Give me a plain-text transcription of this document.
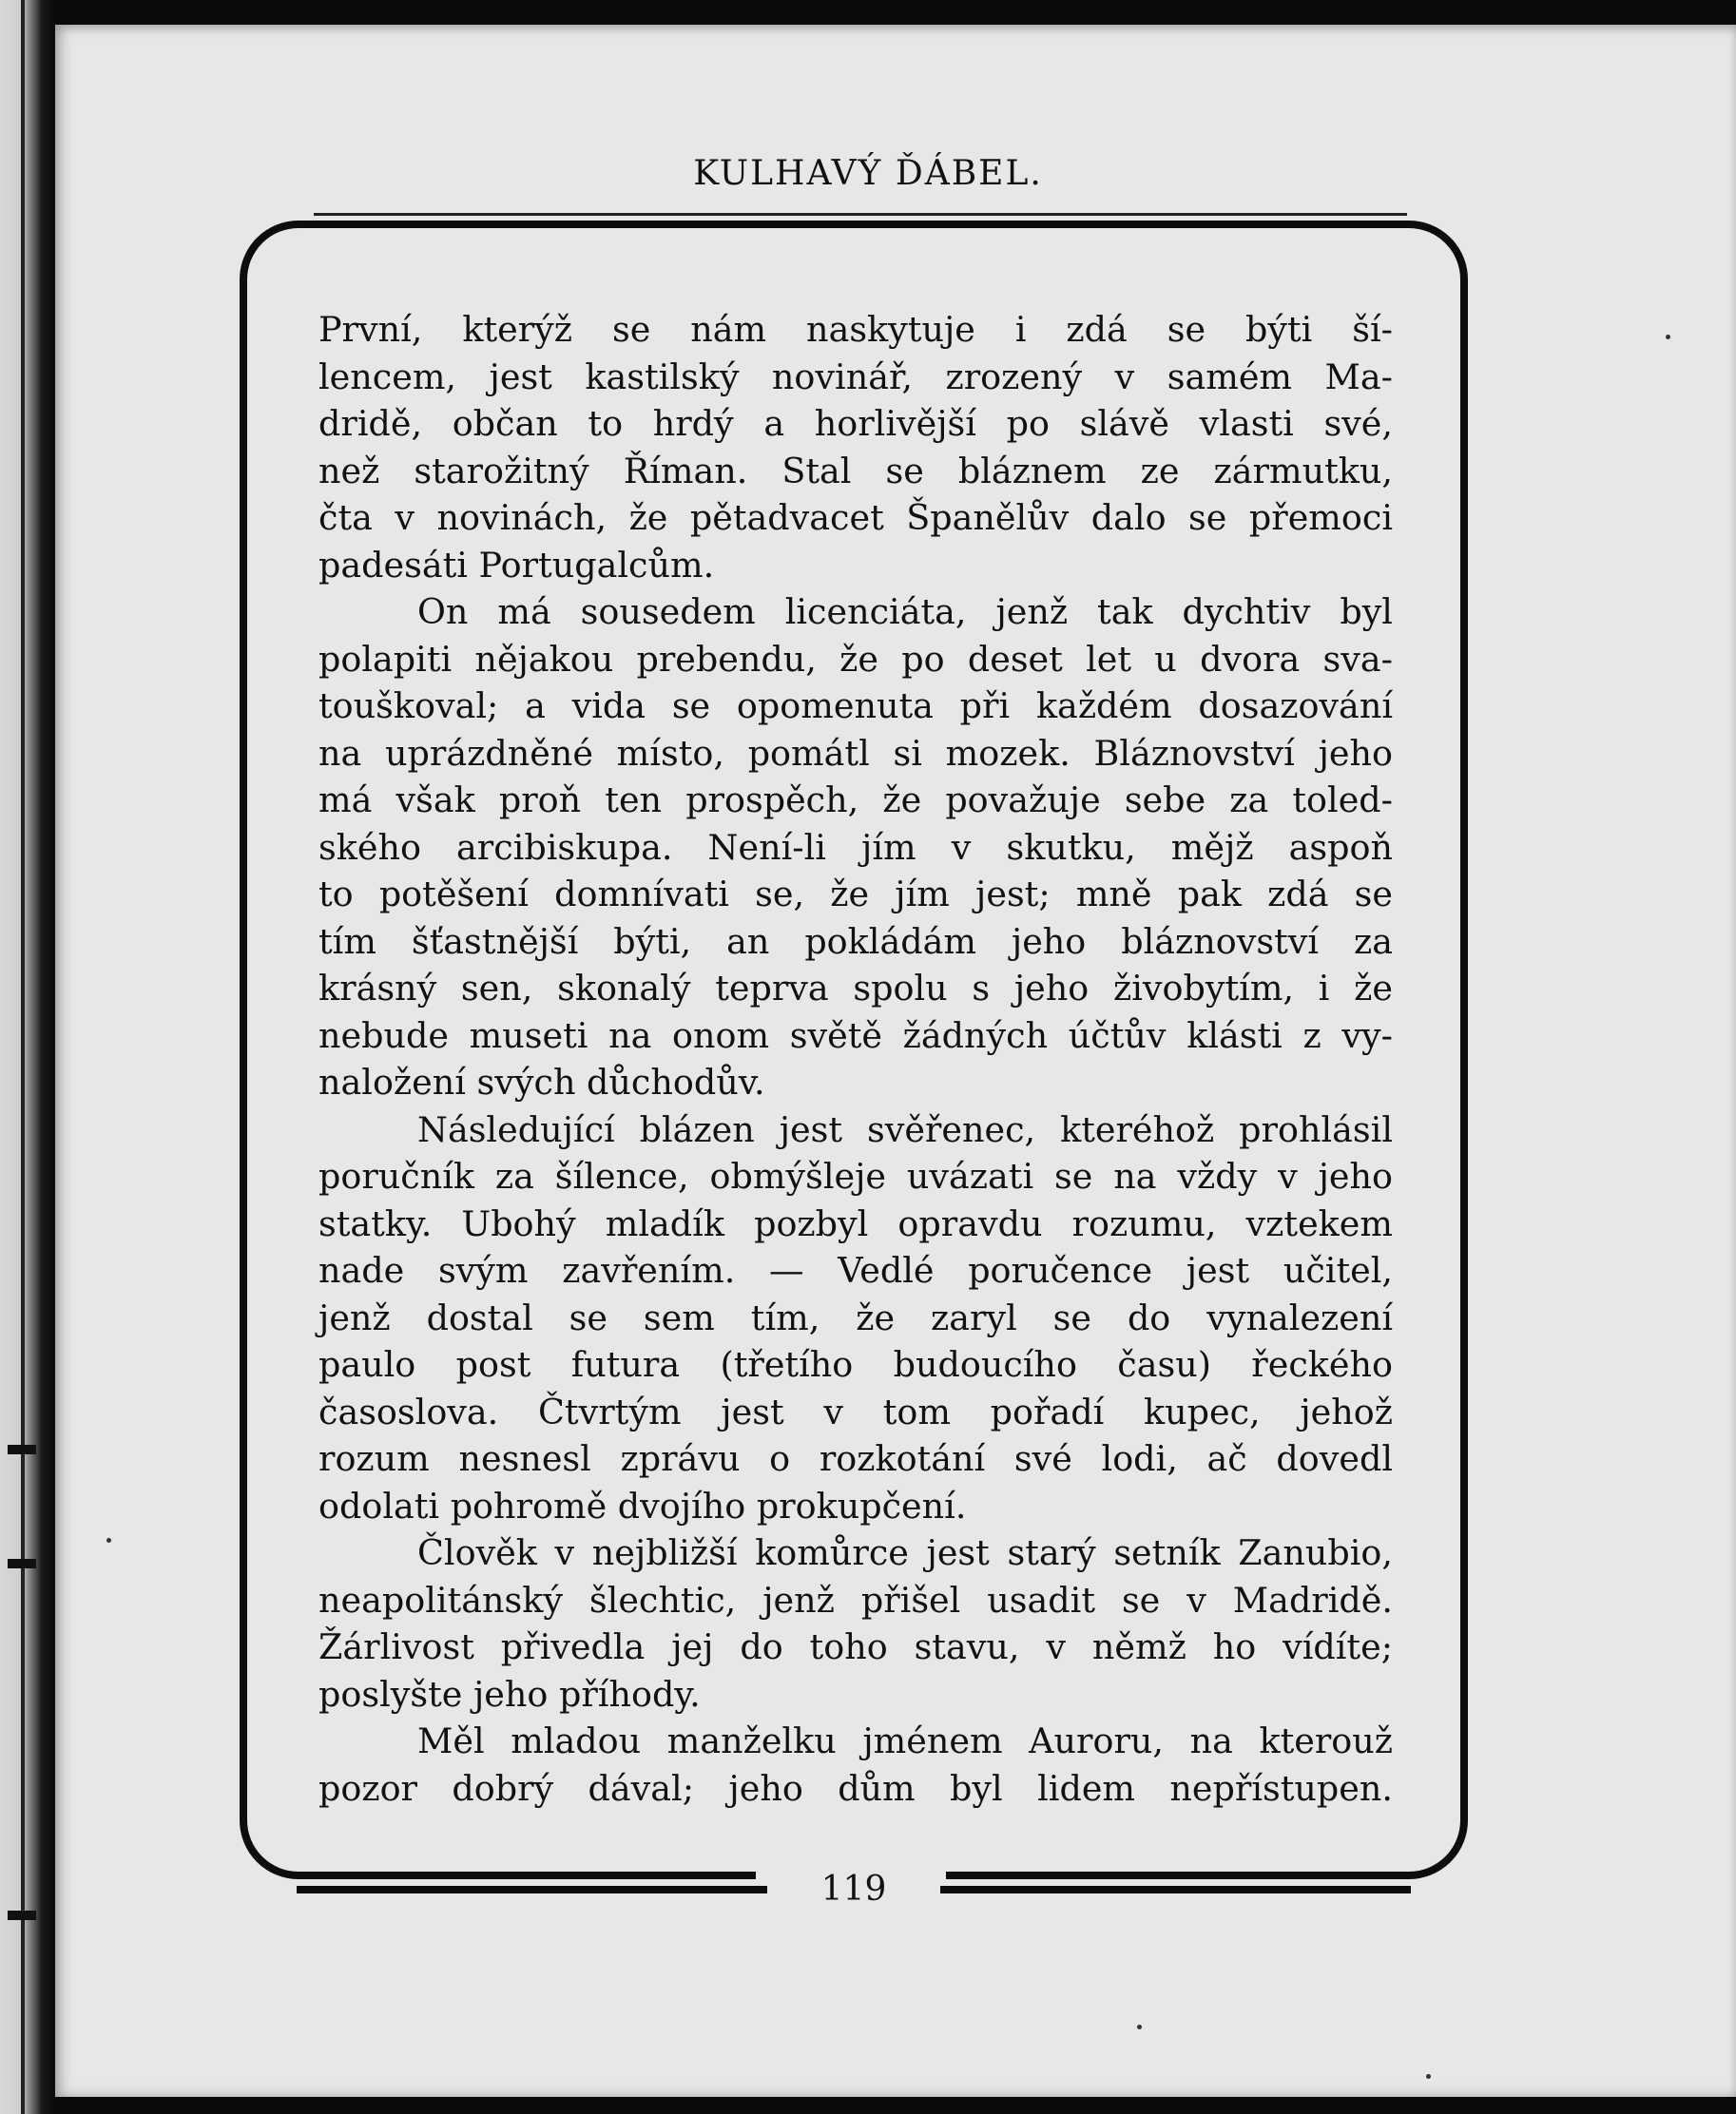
KULHAVÝ ĎÁBEL.
První, kterýž se nám naskytuje i zdá se býti ší-
lencem, jest kastilský novinář, zrozený v samém Ma-
dridě, občan to hrdý a horlivější po slávě vlasti své,
než starožitný Říman. Stal se bláznem ze zármutku,
čta v novinách, že pětadvacet Španělův dalo se přemoci
padesáti Portugalcům.
On má sousedem licenciáta, jenž tak dychtiv byl
polapiti nějakou prebendu, že po deset let u dvora sva-
touškoval; a vida se opomenuta při každém dosazování
na uprázdněné místo, pomátl si mozek. Bláznovství jeho
má však proň ten prospěch, že považuje sebe za toled-
ského arcibiskupa. Není-li jím v skutku, mějž aspoň
to potěšení domnívati se, že jím jest; mně pak zdá se
tím šťastnější býti, an pokládám jeho bláznovství za
krásný sen, skonalý teprva spolu s jeho živobytím, i že
nebude museti na onom světě žádných účtův klásti z vy-
naložení svých důchodův.
Následující blázen jest svěřenec, kteréhož prohlásil
poručník za šílence, obmýšleje uvázati se na vždy v jeho
statky. Ubohý mladík pozbyl opravdu rozumu, vztekem
nade svým zavřením. — Vedlé poručence jest učitel,
jenž dostal se sem tím, že zaryl se do vynalezení
paulo post futura (třetího budoucího času) řeckého
časoslova. Čtvrtým jest v tom pořadí kupec, jehož
rozum nesnesl zprávu o rozkotání své lodi, ač dovedl
odolati pohromě dvojího prokupčení.
Člověk v nejbližší komůrce jest starý setník Zanubio,
neapolitánský šlechtic, jenž přišel usadit se v Madridě.
Žárlivost přivedla jej do toho stavu, v němž ho vídíte;
poslyšte jeho příhody.
Měl mladou manželku jménem Auroru, na kterouž
pozor dobrý dával; jeho dům byl lidem nepřístupen.
119
